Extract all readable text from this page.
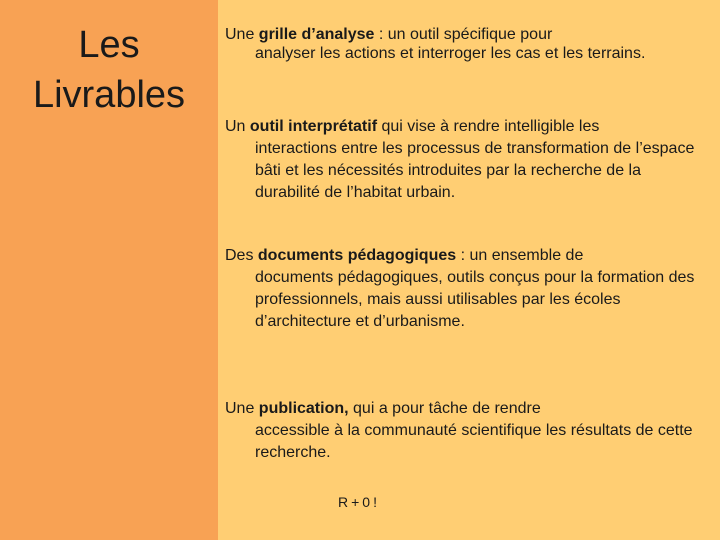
Les
Livrables

Une grille d’analyse : un outil spécifique pour
analyser les actions et interroger les cas et les terrains.

Un outil interprétatif qui vise à rendre intelligible les
interactions entre les processus de transformation de l’espace bâti et les nécessités introduites par la recherche de la durabilité de l’habitat urbain.

Des documents pédagogiques : un ensemble de
documents pédagogiques, outils conçus pour la formation des professionnels, mais aussi utilisables par les écoles d’architecture et d’urbanisme.

Une publication, qui a pour tâche de rendre
accessible à la communauté scientifique les résultats de cette recherche.

R+0!
